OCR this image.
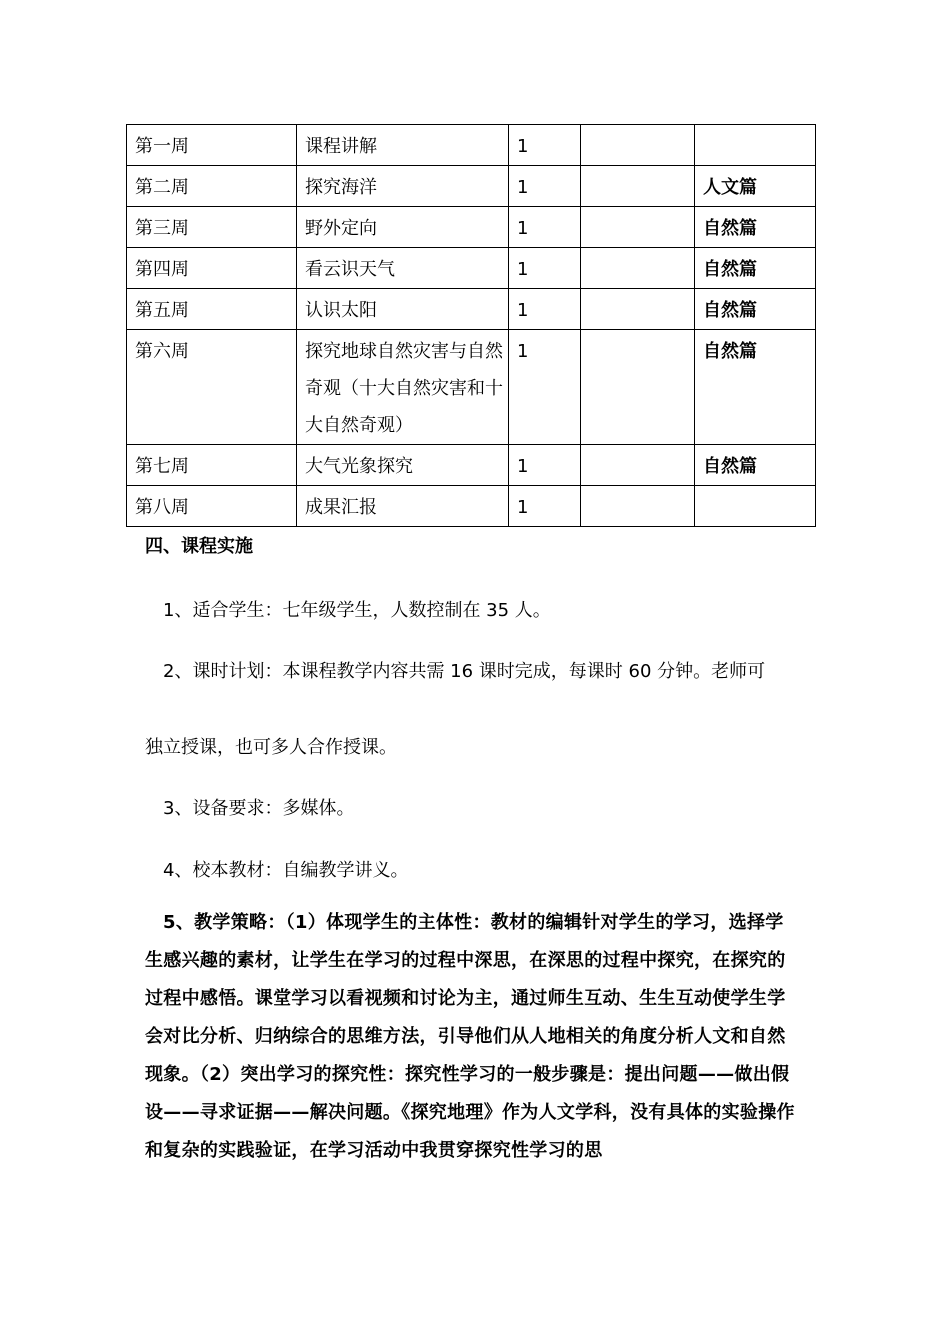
第一周	课程讲解	1		
第二周	探究海洋	1		人文篇
第三周	野外定向	1		自然篇
第四周	看云识天气	1		自然篇
第五周	认识太阳	1		自然篇
第六周	探究地球自然灾害与自然奇观（十大自然灾害和十大自然奇观）	1		自然篇
第七周	大气光象探究	1		自然篇
第八周	成果汇报	1		
四、课程实施

1、适合学生：七年级学生，人数控制在 35 人。

2、课时计划：本课程教学内容共需 16 课时完成，每课时 60 分钟。老师可

独立授课，也可多人合作授课。

3、设备要求：多媒体。

4、校本教材：自编教学讲义。

5、教学策略：（1）体现学生的主体性：教材的编辑针对学生的学习，选择学生感兴趣的素材，让学生在学习的过程中深思，在深思的过程中探究，在探究的过程中感悟。课堂学习以看视频和讨论为主，通过师生互动、生生互动使学生学会对比分析、归纳综合的思维方法，引导他们从人地相关的角度分析人文和自然现象。（2）突出学习的探究性：探究性学习的一般步骤是：提出问题——做出假设——寻求证据——解决问题。《探究地理》作为人文学科，没有具体的实验操作和复杂的实践验证，在学习活动中我贯穿探究性学习的思
